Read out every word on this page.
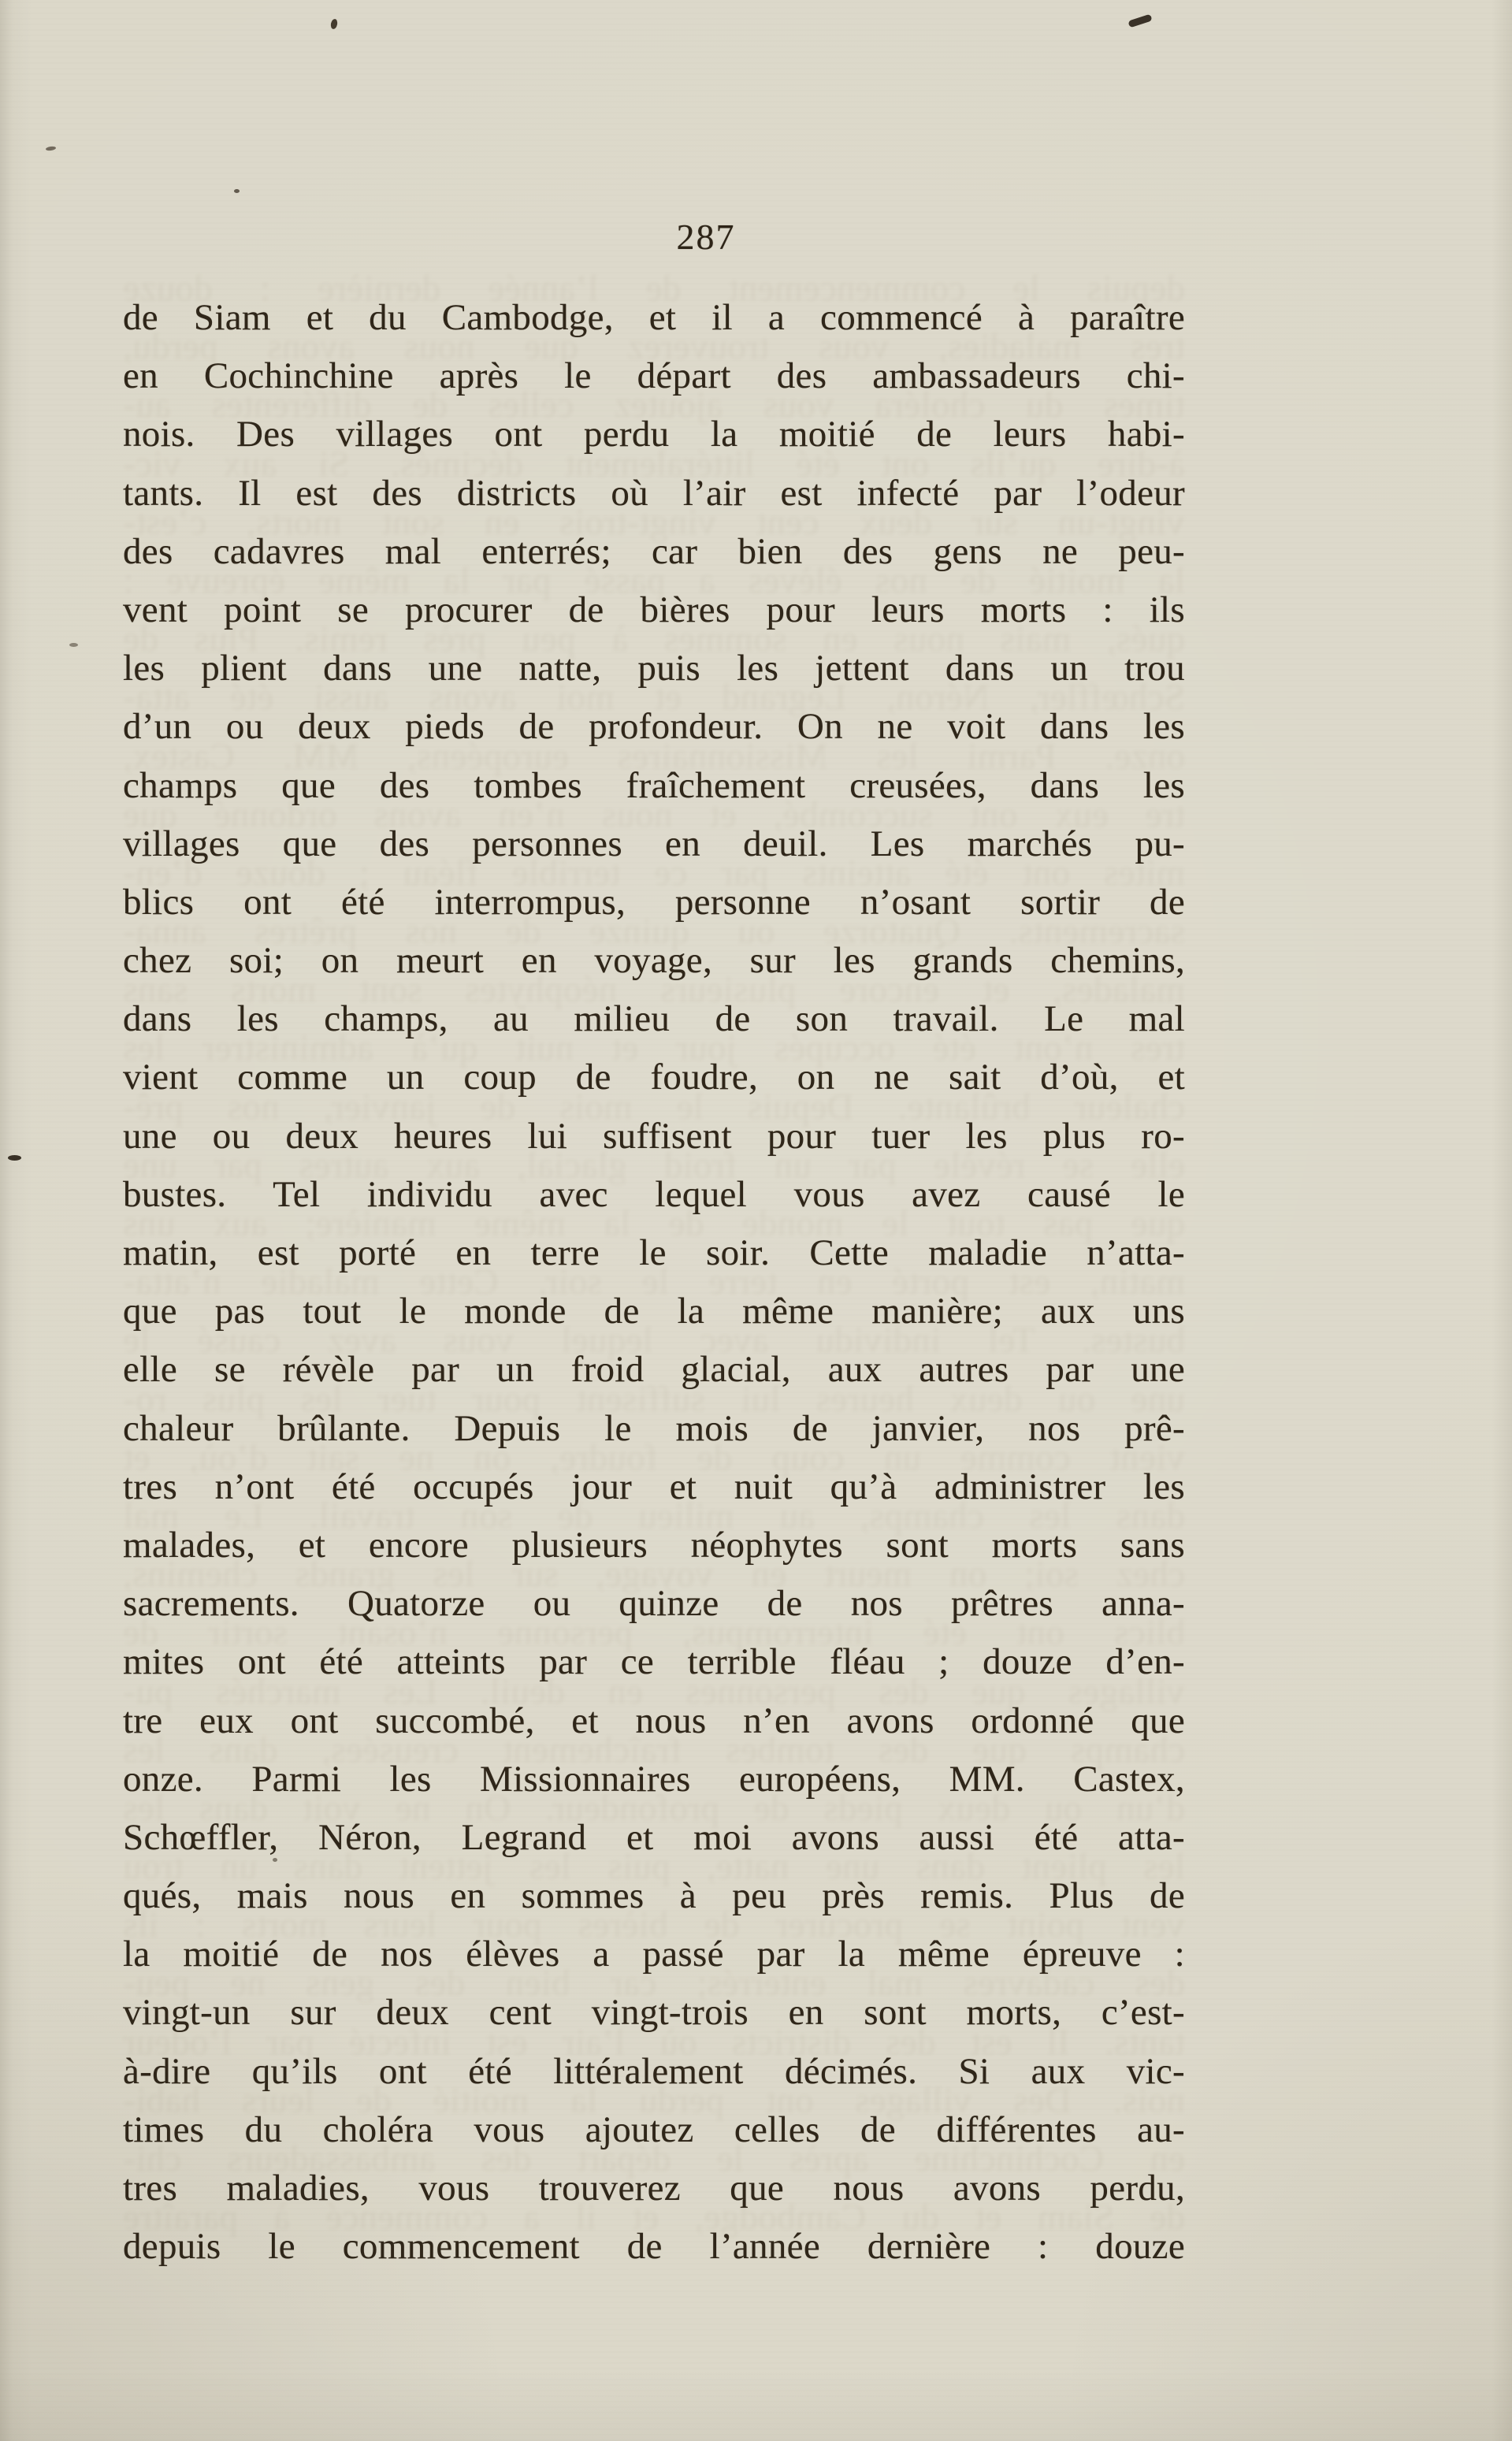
depuis le commencement de l’année dernière : douze
tres maladies, vous trouverez que nous avons perdu,
times du choléra vous ajoutez celles de différentes au-
à-dire qu’ils ont été littéralement décimés. Si aux vic-
vingt-un sur deux cent vingt-trois en sont morts, c’est-
la moitié de nos élèves a passé par la même épreuve :
qués, mais nous en sommes à peu près remis. Plus de
Schœffler, Néron, Legrand et moi avons aussi été atta-
onze. Parmi les Missionnaires européens, MM. Castex,
tre eux ont succombé, et nous n’en avons ordonné que
mites ont été atteints par ce terrible fléau ; douze d’en-
sacrements. Quatorze ou quinze de nos prêtres anna-
malades, et encore plusieurs néophytes sont morts sans
tres n’ont été occupés jour et nuit qu’à administrer les
chaleur brûlante. Depuis le mois de janvier, nos prê-
elle se révèle par un froid glacial, aux autres par une
que pas tout le monde de la même manière; aux uns
matin, est porté en terre le soir. Cette maladie n’atta-
bustes. Tel individu avec lequel vous avez causé le
une ou deux heures lui suffisent pour tuer les plus ro-
vient comme un coup de foudre, on ne sait d’où, et
dans les champs, au milieu de son travail. Le mal
chez soi; on meurt en voyage, sur les grands chemins,
blics ont été interrompus, personne n’osant sortir de
villages que des personnes en deuil. Les marchés pu-
champs que des tombes fraîchement creusées, dans les
d’un ou deux pieds de profondeur. On ne voit dans les
les plient dans une natte, puis les jettent dans un trou
vent point se procurer de bières pour leurs morts : ils
des cadavres mal enterrés; car bien des gens ne peu-
tants. Il est des districts où l’air est infecté par l’odeur
nois. Des villages ont perdu la moitié de leurs habi-
en Cochinchine après le départ des ambassadeurs chi-
de Siam et du Cambodge, et il a commencé à paraître
287
de Siam et du Cambodge, et il a commencé à paraître
en Cochinchine après le départ des ambassadeurs chi-
nois. Des villages ont perdu la moitié de leurs habi-
tants. Il est des districts où l’air est infecté par l’odeur
des cadavres mal enterrés; car bien des gens ne peu-
vent point se procurer de bières pour leurs morts : ils
les plient dans une natte, puis les jettent dans un trou
d’un ou deux pieds de profondeur. On ne voit dans les
champs que des tombes fraîchement creusées, dans les
villages que des personnes en deuil. Les marchés pu-
blics ont été interrompus, personne n’osant sortir de
chez soi; on meurt en voyage, sur les grands chemins,
dans les champs, au milieu de son travail. Le mal
vient comme un coup de foudre, on ne sait d’où, et
une ou deux heures lui suffisent pour tuer les plus ro-
bustes. Tel individu avec lequel vous avez causé le
matin, est porté en terre le soir. Cette maladie n’atta-
que pas tout le monde de la même manière; aux uns
elle se révèle par un froid glacial, aux autres par une
chaleur brûlante. Depuis le mois de janvier, nos prê-
tres n’ont été occupés jour et nuit qu’à administrer les
malades, et encore plusieurs néophytes sont morts sans
sacrements. Quatorze ou quinze de nos prêtres anna-
mites ont été atteints par ce terrible fléau ; douze d’en-
tre eux ont succombé, et nous n’en avons ordonné que
onze. Parmi les Missionnaires européens, MM. Castex,
Schœffler, Néron, Legrand et moi avons aussi été atta-
qués, mais nous en sommes à peu près remis. Plus de
la moitié de nos élèves a passé par la même épreuve :
vingt-un sur deux cent vingt-trois en sont morts, c’est-
à-dire qu’ils ont été littéralement décimés. Si aux vic-
times du choléra vous ajoutez celles de différentes au-
tres maladies, vous trouverez que nous avons perdu,
depuis le commencement de l’année dernière : douze
